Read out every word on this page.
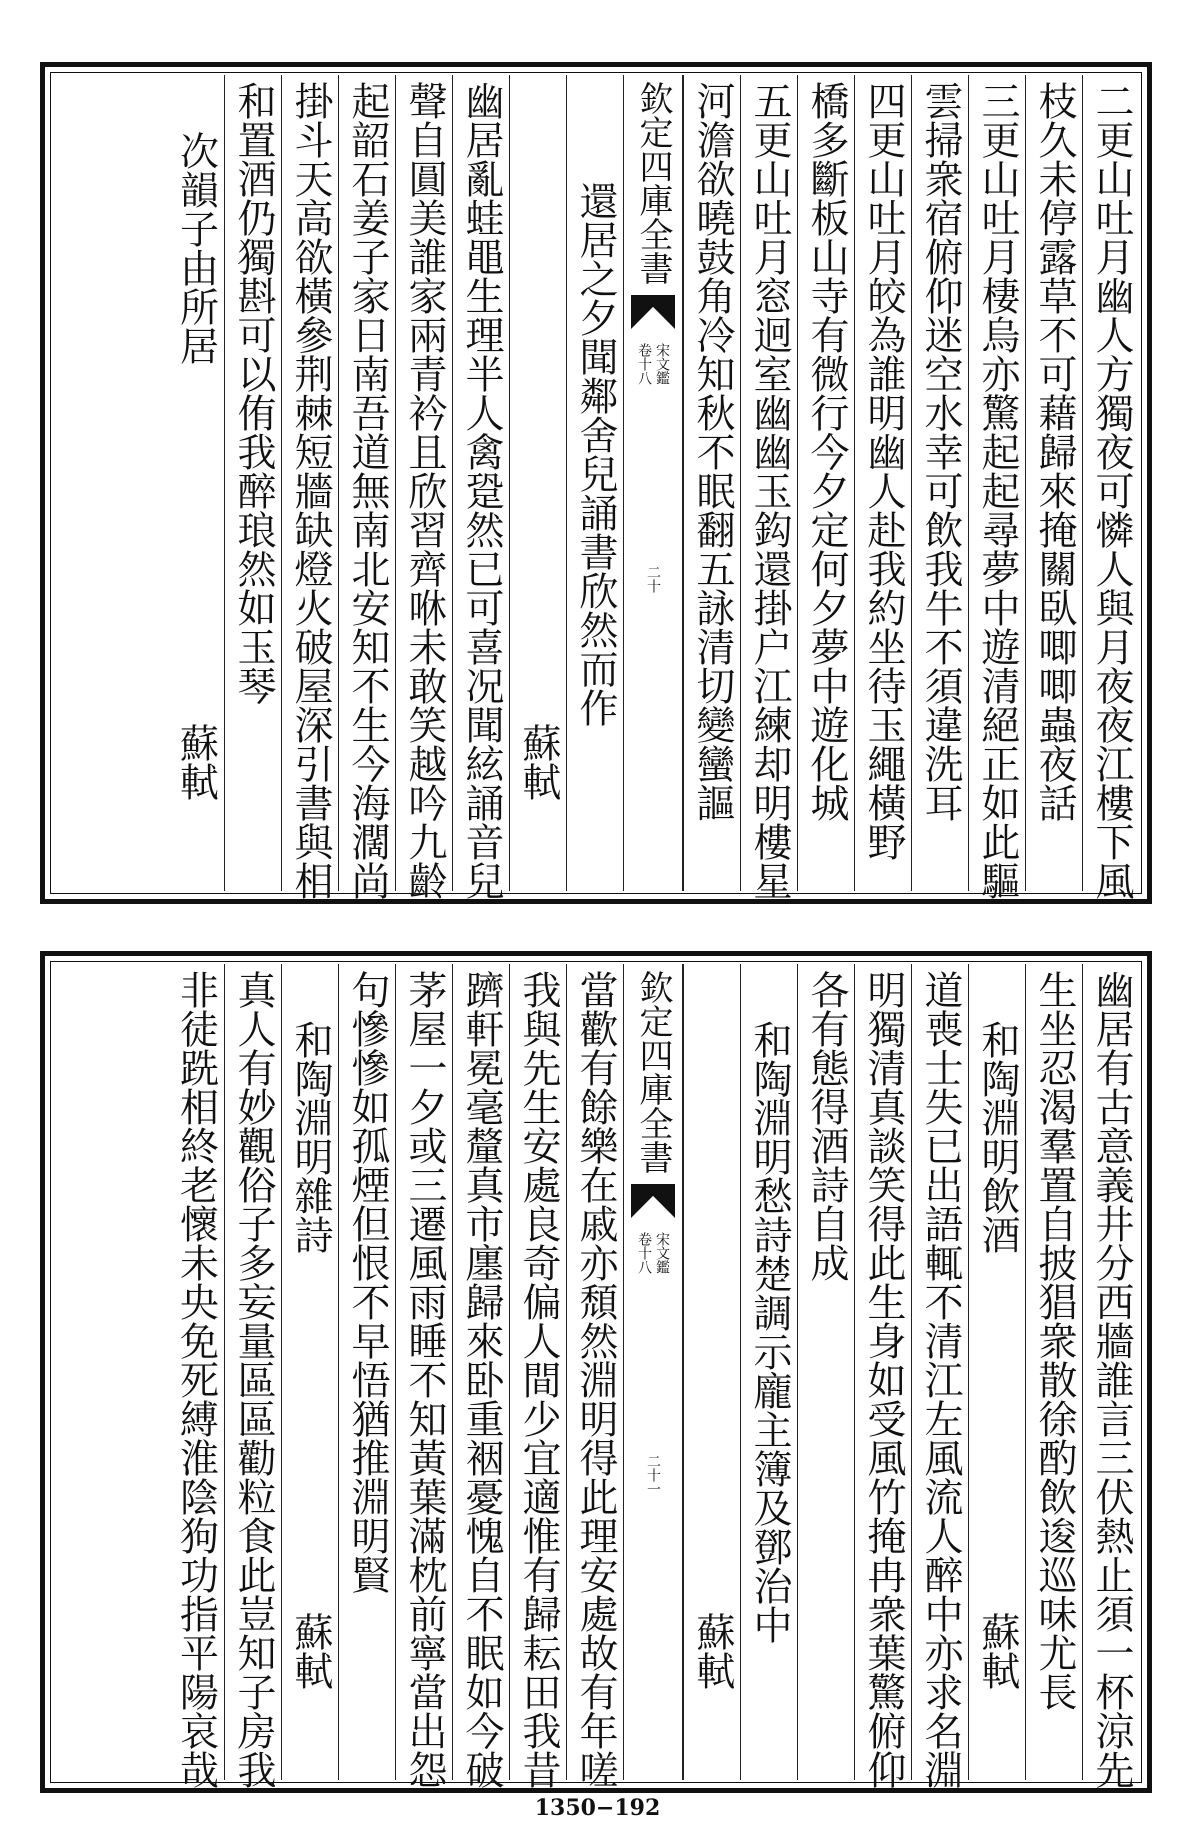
二更山吐月幽人方獨夜可憐人與月夜夜江樓下風
枝久未停露草不可藉歸來掩關臥唧唧蟲夜話
三更山吐月棲烏亦驚起起尋夢中遊清絕正如此驅
雲掃衆宿俯仰迷空水幸可飲我牛不須違洗耳
四更山吐月皎為誰明幽人赴我約坐待玉繩橫野
橋多斷板山寺有微行今夕定何夕夢中遊化城
五更山吐月窓迥室幽幽玉鈎還掛户江練却明樓星
河澹欲曉鼓角冷知秋不眠翻五詠清切變蠻謳
欽定四庫全書
宋文鑑
卷十八
二十
還居之夕聞鄰舍兒誦書欣然而作
蘇軾
幽居亂蛙黽生理半人禽跫然已可喜况聞絃誦音兒
聲自圓美誰家兩青衿且欣習齊咻未敢笑越吟九齡
起韶石姜子家日南吾道無南北安知不生今海濶尚
掛斗天高欲橫參荆棘短牆缺燈火破屋深引書與相
和置酒仍獨斟可以侑我醉琅然如玉琴
次韻子由所居
蘇軾
幽居有古意義井分西牆誰言三伏熱止須一杯涼先
生坐忍渴羣置自披猖衆散徐酌飲逡巡味尤長
和陶淵明飲酒
蘇軾
道喪士失已出語輒不清江左風流人醉中亦求名淵
明獨清真談笑得此生身如受風竹掩冉衆葉驚俯仰
各有態得酒詩自成
和陶淵明愁詩楚調示龐主簿及鄧治中
蘇軾
欽定四庫全書
宋文鑑
卷十八
二十一
當歡有餘樂在戚亦頹然淵明得此理安處故有年嗟
我與先生安處良奇偏人間少宜適惟有歸耘田我昔
躋軒冕毫釐真市廛歸來卧重裀憂愧自不眠如今破
茅屋一夕或三遷風雨睡不知黃葉滿枕前寧當出怨
句慘慘如孤煙但恨不早悟猶推淵明賢
和陶淵明雜詩
蘇軾
真人有妙觀俗子多妄量區區勸粒食此豈知子房我
非徒跣相終老懷未央免死縛淮陰狗功指平陽哀哉
1350−192
